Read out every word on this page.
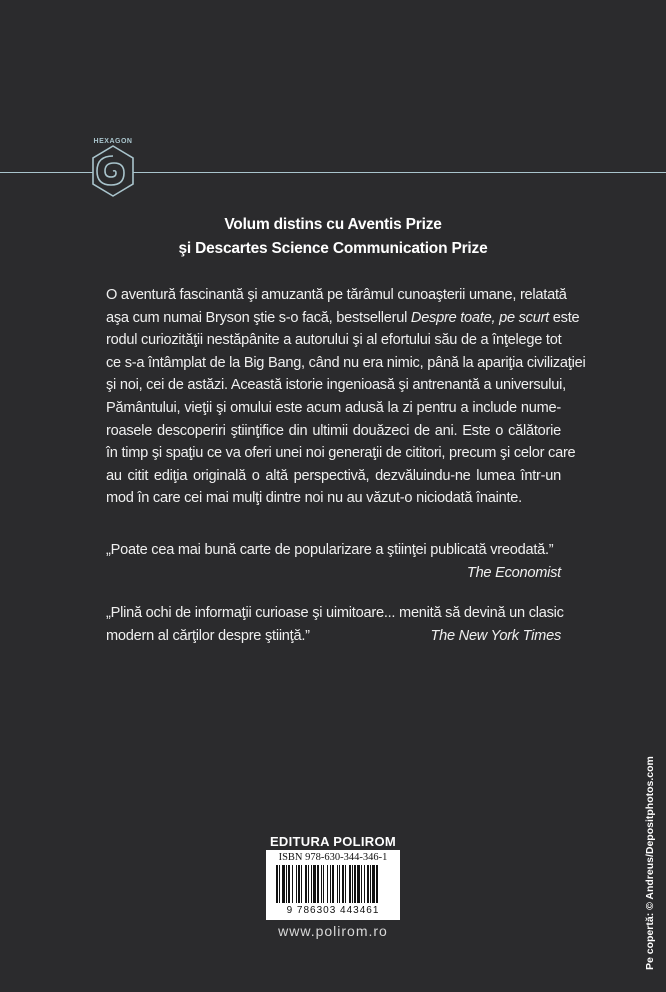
HEXAGON
Volum distins cu Aventis Prize
şi Descartes Science Communication Prize
O aventură fascinantă şi amuzantă pe tărâmul cunoaşterii umane, relatată
aşa cum numai Bryson ştie s-o facă, bestsellerul Despre toate, pe scurt este
rodul curiozităţii nestăpânite a autorului şi al efortului său de a înţelege tot
ce s-a întâmplat de la Big Bang, când nu era nimic, până la apariţia civilizaţiei
şi noi, cei de astăzi. Această istorie ingenioasă şi antrenantă a universului,
Pământului, vieţii şi omului este acum adusă la zi pentru a include nume-
roasele descoperiri ştiinţifice din ultimii douăzeci de ani. Este o călătorie
în timp şi spaţiu ce va oferi unei noi generaţii de cititori, precum şi celor care
au citit ediţia originală o altă perspectivă, dezvăluindu-ne lumea într-un
mod în care cei mai mulţi dintre noi nu au văzut-o niciodată înainte.
„Poate cea mai bună carte de popularizare a ştiinţei publicată vreodată.”
The Economist
„Plină ochi de informaţii curioase şi uimitoare... menită să devină un clasic
modern al cărţilor despre ştiinţă.”	The New York Times
EDITURA POLIROM
ISBN 978-630-344-346-1
9 786303 443461
www.polirom.ro	Pe copertă: © Andreus/Depositphotos.com
